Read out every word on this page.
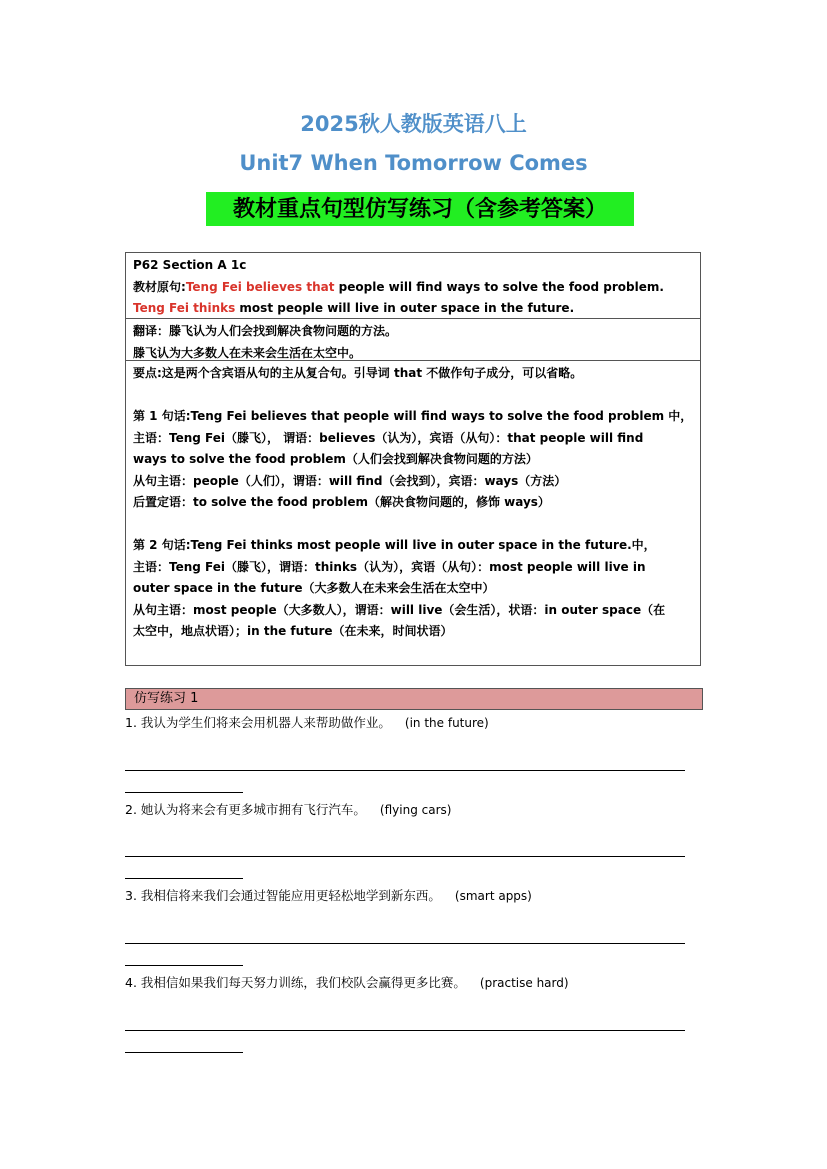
2025秋人教版英语八上
Unit7 When Tomorrow Comes
教材重点句型仿写练习（含参考答案）
P62 Section A 1c
教材原句:Teng Fei believes that people will find ways to solve the food problem.
Teng Fei thinks most people will live in outer space in the future.
翻译：滕飞认为人们会找到解决食物问题的方法。
滕飞认为大多数人在未来会生活在太空中。
要点:这是两个含宾语从句的主从复合句。引导词 that 不做作句子成分，可以省略。
第 1 句话:Teng Fei believes that people will find ways to solve the food problem 中，
主语：Teng Fei（滕飞）， 谓语：believes（认为），宾语（从句）：that people will find
ways to solve the food problem（人们会找到解决食物问题的方法）
从句主语：people（人们），谓语：will find（会找到），宾语：ways（方法）
后置定语：to solve the food problem（解决食物问题的，修饰 ways）
第 2 句话:Teng Fei thinks most people will live in outer space in the future.中，
主语：Teng Fei（滕飞），谓语：thinks（认为），宾语（从句）：most people will live in
outer space in the future（大多数人在未来会生活在太空中）
从句主语：most people（大多数人），谓语：will live（会生活），状语：in outer space（在
太空中，地点状语）；in the future（在未来，时间状语）
仿写练习 1
1. 我认为学生们将来会用机器人来帮助做作业。 (in the future)
2. 她认为将来会有更多城市拥有飞行汽车。 (flying cars)
3. 我相信将来我们会通过智能应用更轻松地学到新东西。 (smart apps)
4. 我相信如果我们每天努力训练，我们校队会赢得更多比赛。 (practise hard)
